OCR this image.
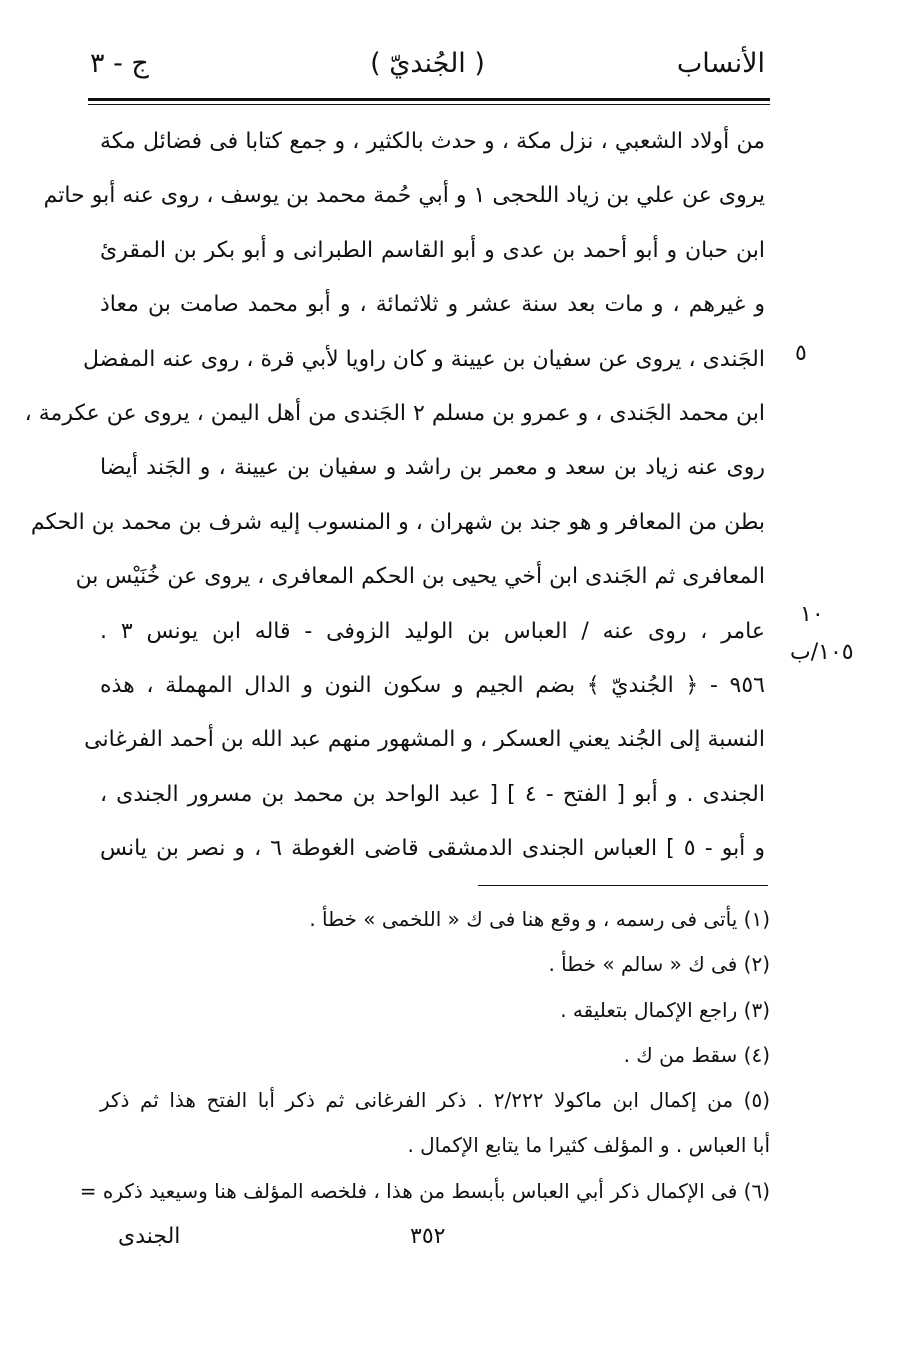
الأنساب
( الجُنديّ )
ج - ٣
من أولاد الشعبي ، نزل مكة ، و حدث بالكثير ، و جمع كتابا فى فضائل مكة
يروى عن علي بن زياد اللحجى ١ و أبي حُمة محمد بن يوسف ، روى عنه أبو حاتم
ابن حبان و أبو أحمد بن عدى و أبو القاسم الطبرانى و أبو بكر بن المقرئ
و غيرهم ، و مات بعد سنة عشر و ثلاثمائة ، و أبو محمد صامت بن معاذ
الجَندى ، يروى عن سفيان بن عيينة و كان راويا لأبي قرة ، روى عنه المفضل
ابن محمد الجَندى ، و عمرو بن مسلم ٢ الجَندى من أهل اليمن ، يروى عن عكرمة ،
روى عنه زياد بن سعد و معمر بن راشد و سفيان بن عيينة ، و الجَند أيضا
بطن من المعافر و هو جند بن شهران ، و المنسوب إليه شرف بن محمد بن الحكم
المعافرى ثم الجَندى ابن أخي يحيى بن الحكم المعافرى ، يروى عن خُنَيْس بن
عامر ، روى عنه / العباس بن الوليد الزوفى - قاله ابن يونس ٣ .
٩٥٦ - ﴿ الجُنديّ ﴾ بضم الجيم و سكون النون و الدال المهملة ، هذه
النسبة إلى الجُند يعني العسكر ، و المشهور منهم عبد الله بن أحمد الفرغانى
الجندى . و أبو [ الفتح - ٤ ] [ عبد الواحد بن محمد بن مسرور الجندى ،
و أبو - ٥ ] العباس الجندى الدمشقى قاضى الغوطة ٦ ، و نصر بن يانس
٥
١٠
١٠٥/ب
(١) يأتى فى رسمه ، و وقع هنا فى ك « اللخمى » خطأ .
(٢) فى ك « سالم » خطأ .
(٣) راجع الإكمال بتعليقه .
(٤) سقط من ك .
(٥) من إكمال ابن ماكولا ٢/٢٢٢ . ذكر الفرغانى ثم ذكر أبا الفتح هذا ثم ذكر
أبا العباس . و المؤلف كثيرا ما يتابع الإكمال .
(٦) فى الإكمال ذكر أبي العباس بأبسط من هذا ، فلخصه المؤلف هنا وسيعيد ذكره =
٣٥٢
الجندى
